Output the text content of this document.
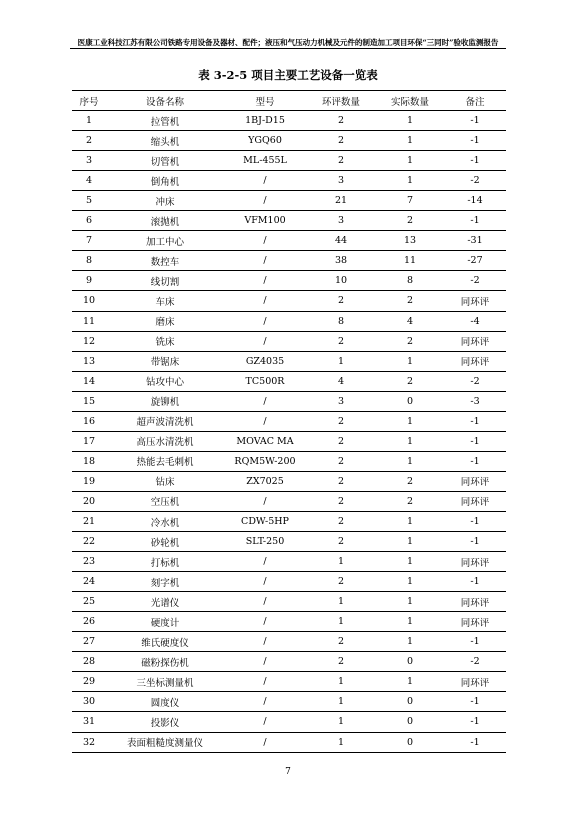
医康工业科技江苏有限公司铁路专用设备及器材、配件；液压和气压动力机械及元件的制造加工项目环保“三同时”验收监测报告
表 3-2-5 项目主要工艺设备一览表
序号	设备名称	型号	环评数量	实际数量	备注
1	拉管机	1BJ-D15	2	1	-1
2	缩头机	YGQ60	2	1	-1
3	切管机	ML-455L	2	1	-1
4	倒角机	/	3	1	-2
5	冲床	/	21	7	-14
6	滚抛机	VFM100	3	2	-1
7	加工中心	/	44	13	-31
8	数控车	/	38	11	-27
9	线切割	/	10	8	-2
10	车床	/	2	2	同环评
11	磨床	/	8	4	-4
12	铣床	/	2	2	同环评
13	带锯床	GZ4035	1	1	同环评
14	钻攻中心	TC500R	4	2	-2
15	旋铆机	/	3	0	-3
16	超声波清洗机	/	2	1	-1
17	高压水清洗机	MOVAC MA	2	1	-1
18	热能去毛刺机	RQM5W-200	2	1	-1
19	钻床	ZX7025	2	2	同环评
20	空压机	/	2	2	同环评
21	冷水机	CDW-5HP	2	1	-1
22	砂轮机	SLT-250	2	1	-1
23	打标机	/	1	1	同环评
24	刻字机	/	2	1	-1
25	光谱仪	/	1	1	同环评
26	硬度计	/	1	1	同环评
27	维氏硬度仪	/	2	1	-1
28	磁粉探伤机	/	2	0	-2
29	三坐标测量机	/	1	1	同环评
30	圆度仪	/	1	0	-1
31	投影仪	/	1	0	-1
32	表面粗糙度测量仪	/	1	0	-1
7
